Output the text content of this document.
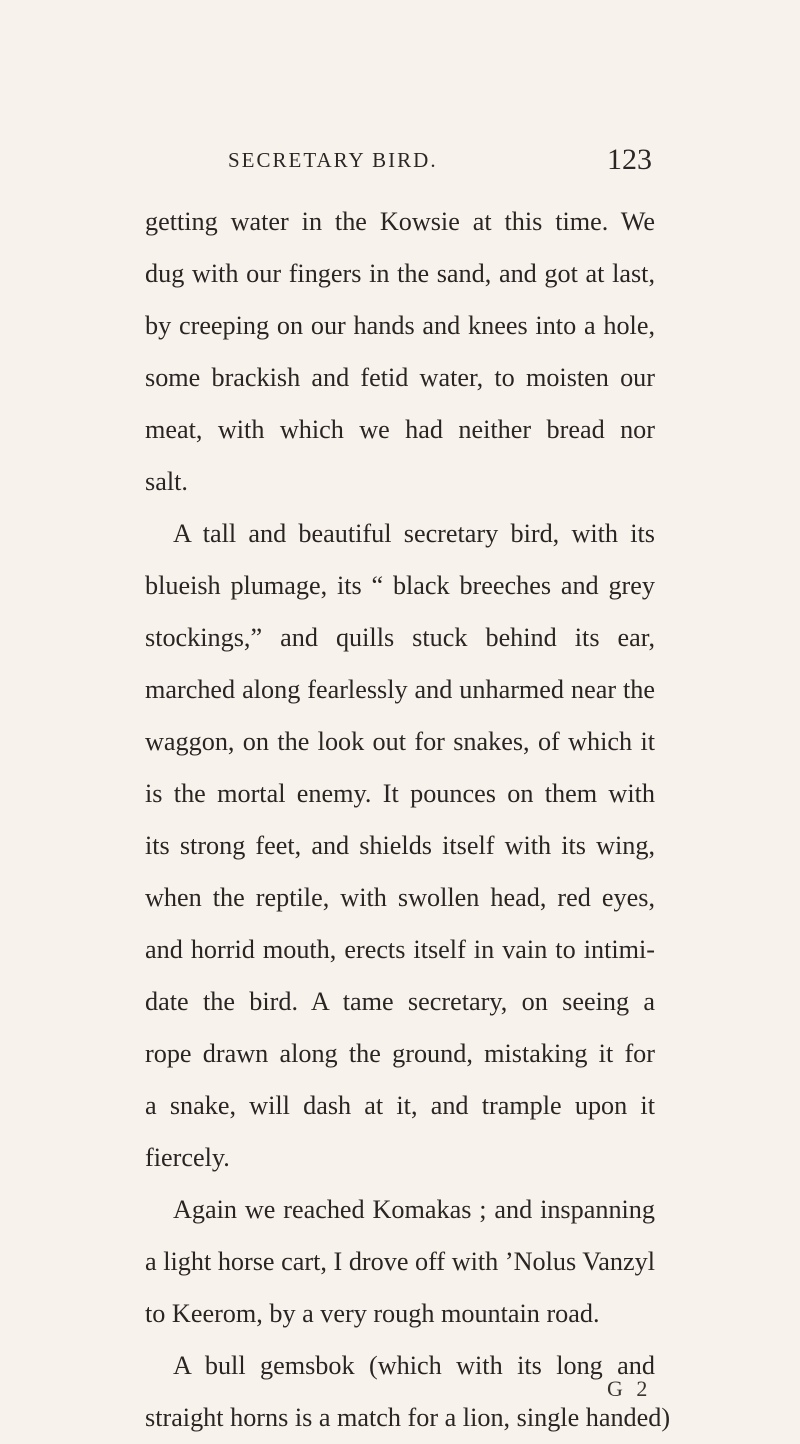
SECRETARY BIRD.	123
getting water in the Kowsie at this time. We
dug with our fingers in the sand, and got at last,
by creeping on our hands and knees into a hole,
some brackish and fetid water, to moisten our
meat, with which we had neither bread nor
salt.
A tall and beautiful secretary bird, with its
blueish plumage, its “ black breeches and grey
stockings,” and quills stuck behind its ear,
marched along fearlessly and unharmed near the
waggon, on the look out for snakes, of which it
is the mortal enemy. It pounces on them with
its strong feet, and shields itself with its wing,
when the reptile, with swollen head, red eyes,
and horrid mouth, erects itself in vain to intimi-
date the bird. A tame secretary, on seeing a
rope drawn along the ground, mistaking it for
a snake, will dash at it, and trample upon it
fiercely.
Again we reached Komakas ; and inspanning
a light horse cart, I drove off with ’Nolus Vanzyl
to Keerom, by a very rough mountain road.
A bull gemsbok (which with its long and
straight horns is a match for a lion, single handed)
G 2
